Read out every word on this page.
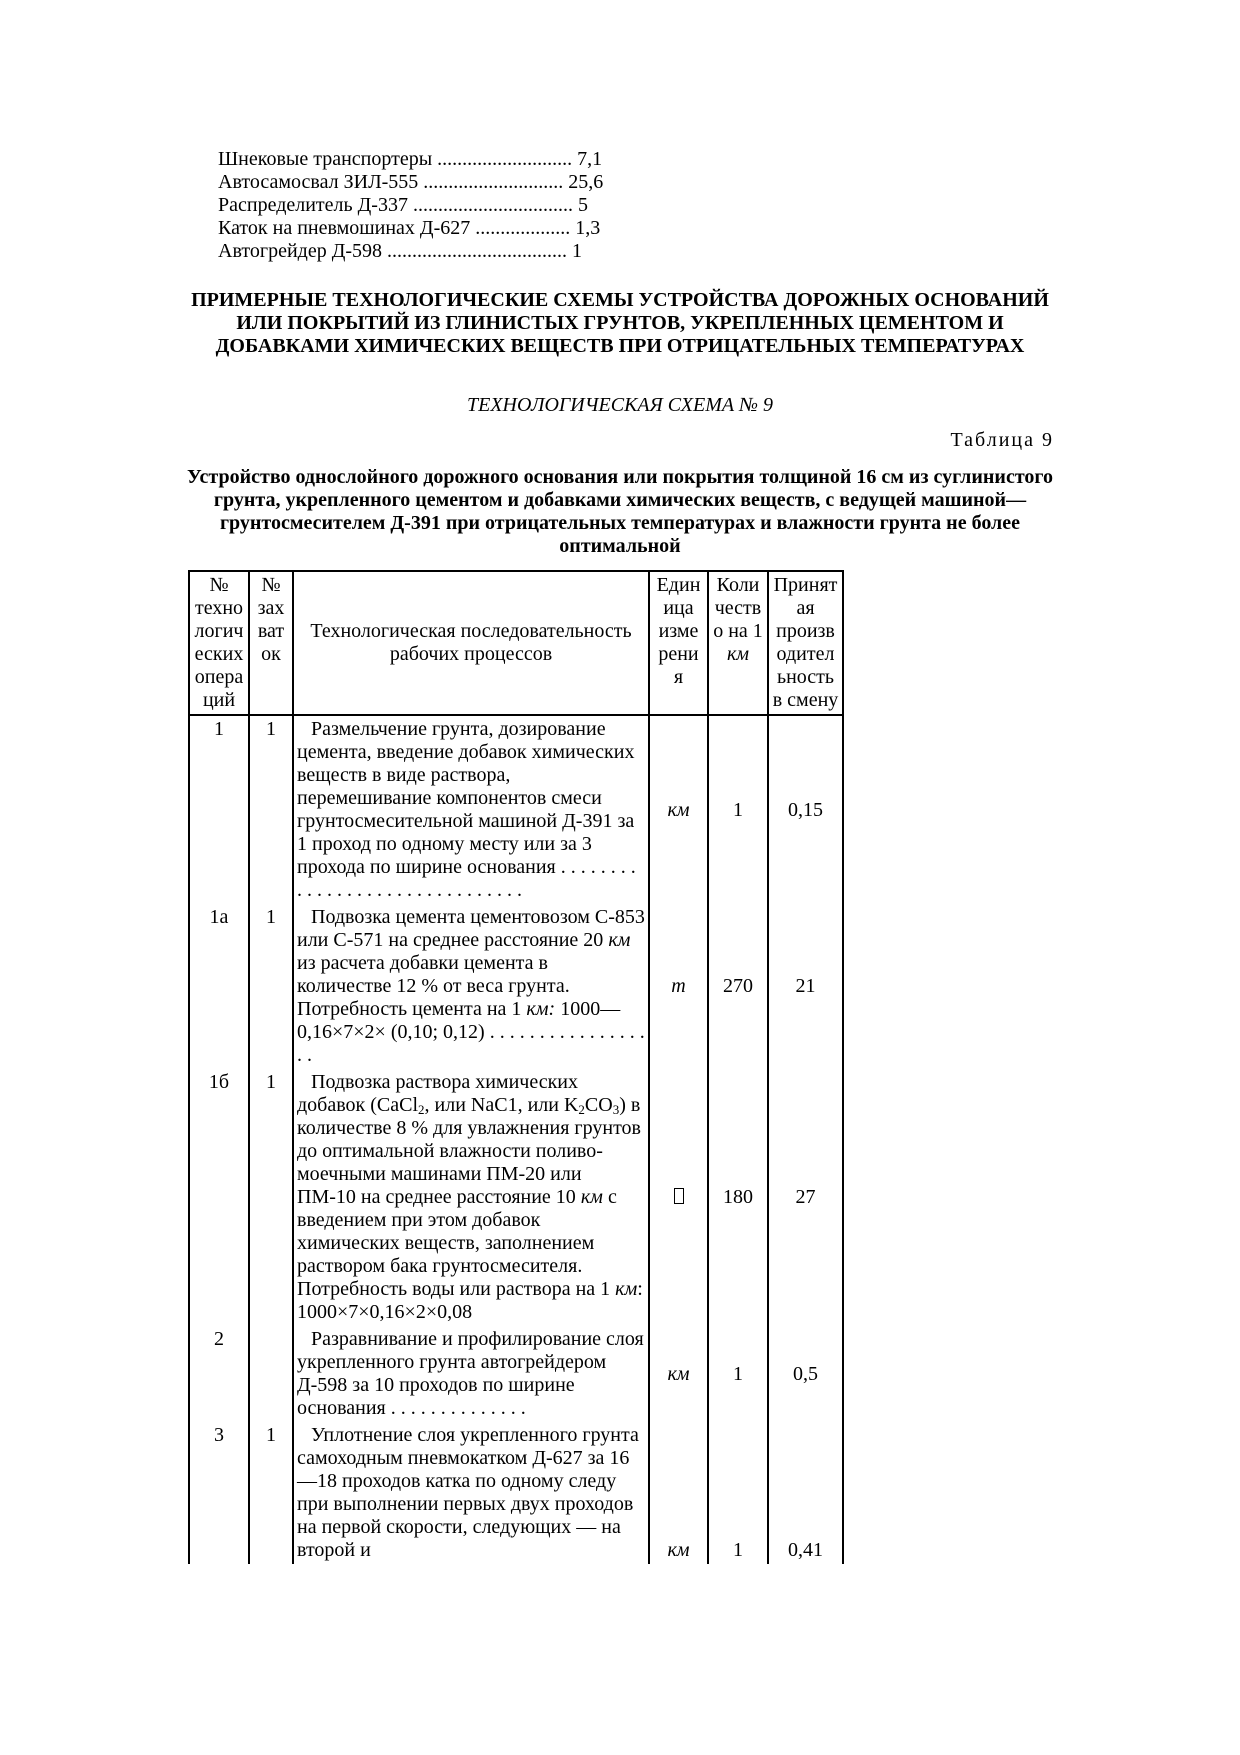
Шнековые транспортеры ........................... 7,1
Автосамосвал ЗИЛ-555 ............................ 25,6
Распределитель Д-337 ................................ 5
Каток на пневмошинах Д-627 ................... 1,3
Автогрейдер Д-598 .................................... 1
ПРИМЕРНЫЕ ТЕХНОЛОГИЧЕСКИЕ СХЕМЫ УСТРОЙСТВА ДОРОЖНЫХ ОСНОВАНИЙ ИЛИ ПОКРЫТИЙ ИЗ ГЛИНИСТЫХ ГРУНТОВ, УКРЕПЛЕННЫХ ЦЕМЕНТОМ И ДОБАВКАМИ ХИМИЧЕСКИХ ВЕЩЕСТВ ПРИ ОТРИЦАТЕЛЬНЫХ ТЕМПЕРАТУРАХ
ТЕХНОЛОГИЧЕСКАЯ СХЕМА № 9
Таблица 9
Устройство однослойного дорожного основания или покрытия толщиной 16 см из суглинистого грунта, укрепленного цементом и добавками химических веществ, с ведущей машиной— грунтосмесителем Д-391 при отрицательных температурах и влажности грунта не более оптимальной
№ техно логич еских опера ций	№ зах ват ок	Технологическая последовательность рабочих процессов	Един ица изме рени я	Коли честв о на 1 км	Принят ая произв одител ьность в смену
1	1	Размельчение грунта, дозирование цемента, введение добавок химических веществ в виде раствора, перемешивание компонентов смеси грунтосмесительной машиной Д-391 за 1 проход по одному месту или за 3 прохода по ширине основания . . . . . . . . . . . . . . . . . . . . . . . . . . . . . . .	км	1	0,15
1а	1	Подвозка цемента цементовозом С-853 или С-571 на среднее расстояние 20 км из расчета добавки цемента в количестве 12 % от веса грунта. Потребность цемента на 1 км: 1000—0,16×7×2× (0,10; 0,12) . . . . . . . . . . . . . . . . . .	т	270	21
1б	1	Подвозка раствора химических добавок (CaCl$_2$, или NaC1, или $K_2CO_3$) в количестве 8 % для увлажнения грунтов до оптимальной влажности поливо-моечными машинами ПМ-20 или ПМ-10 на среднее расстояние 10 км с введением при этом добавок химических веществ, заполнением раствором бака грунтосмесителя. Потребность воды или раствора на 1 км: 1000×7×0,16×2×0,08		180	27
2		Разравнивание и профилирование слоя укрепленного грунта автогрейдером Д-598 за 10 проходов по ширине основания . . . . . . . . . . . . . .	км	1	0,5
3	1	Уплотнение слоя укрепленного грунта самоходным пневмокатком Д-627 за 16—18 проходов катка по одному следу при выполнении первых двух проходов на первой скорости, следующих — на второй и	км	1	0,41
